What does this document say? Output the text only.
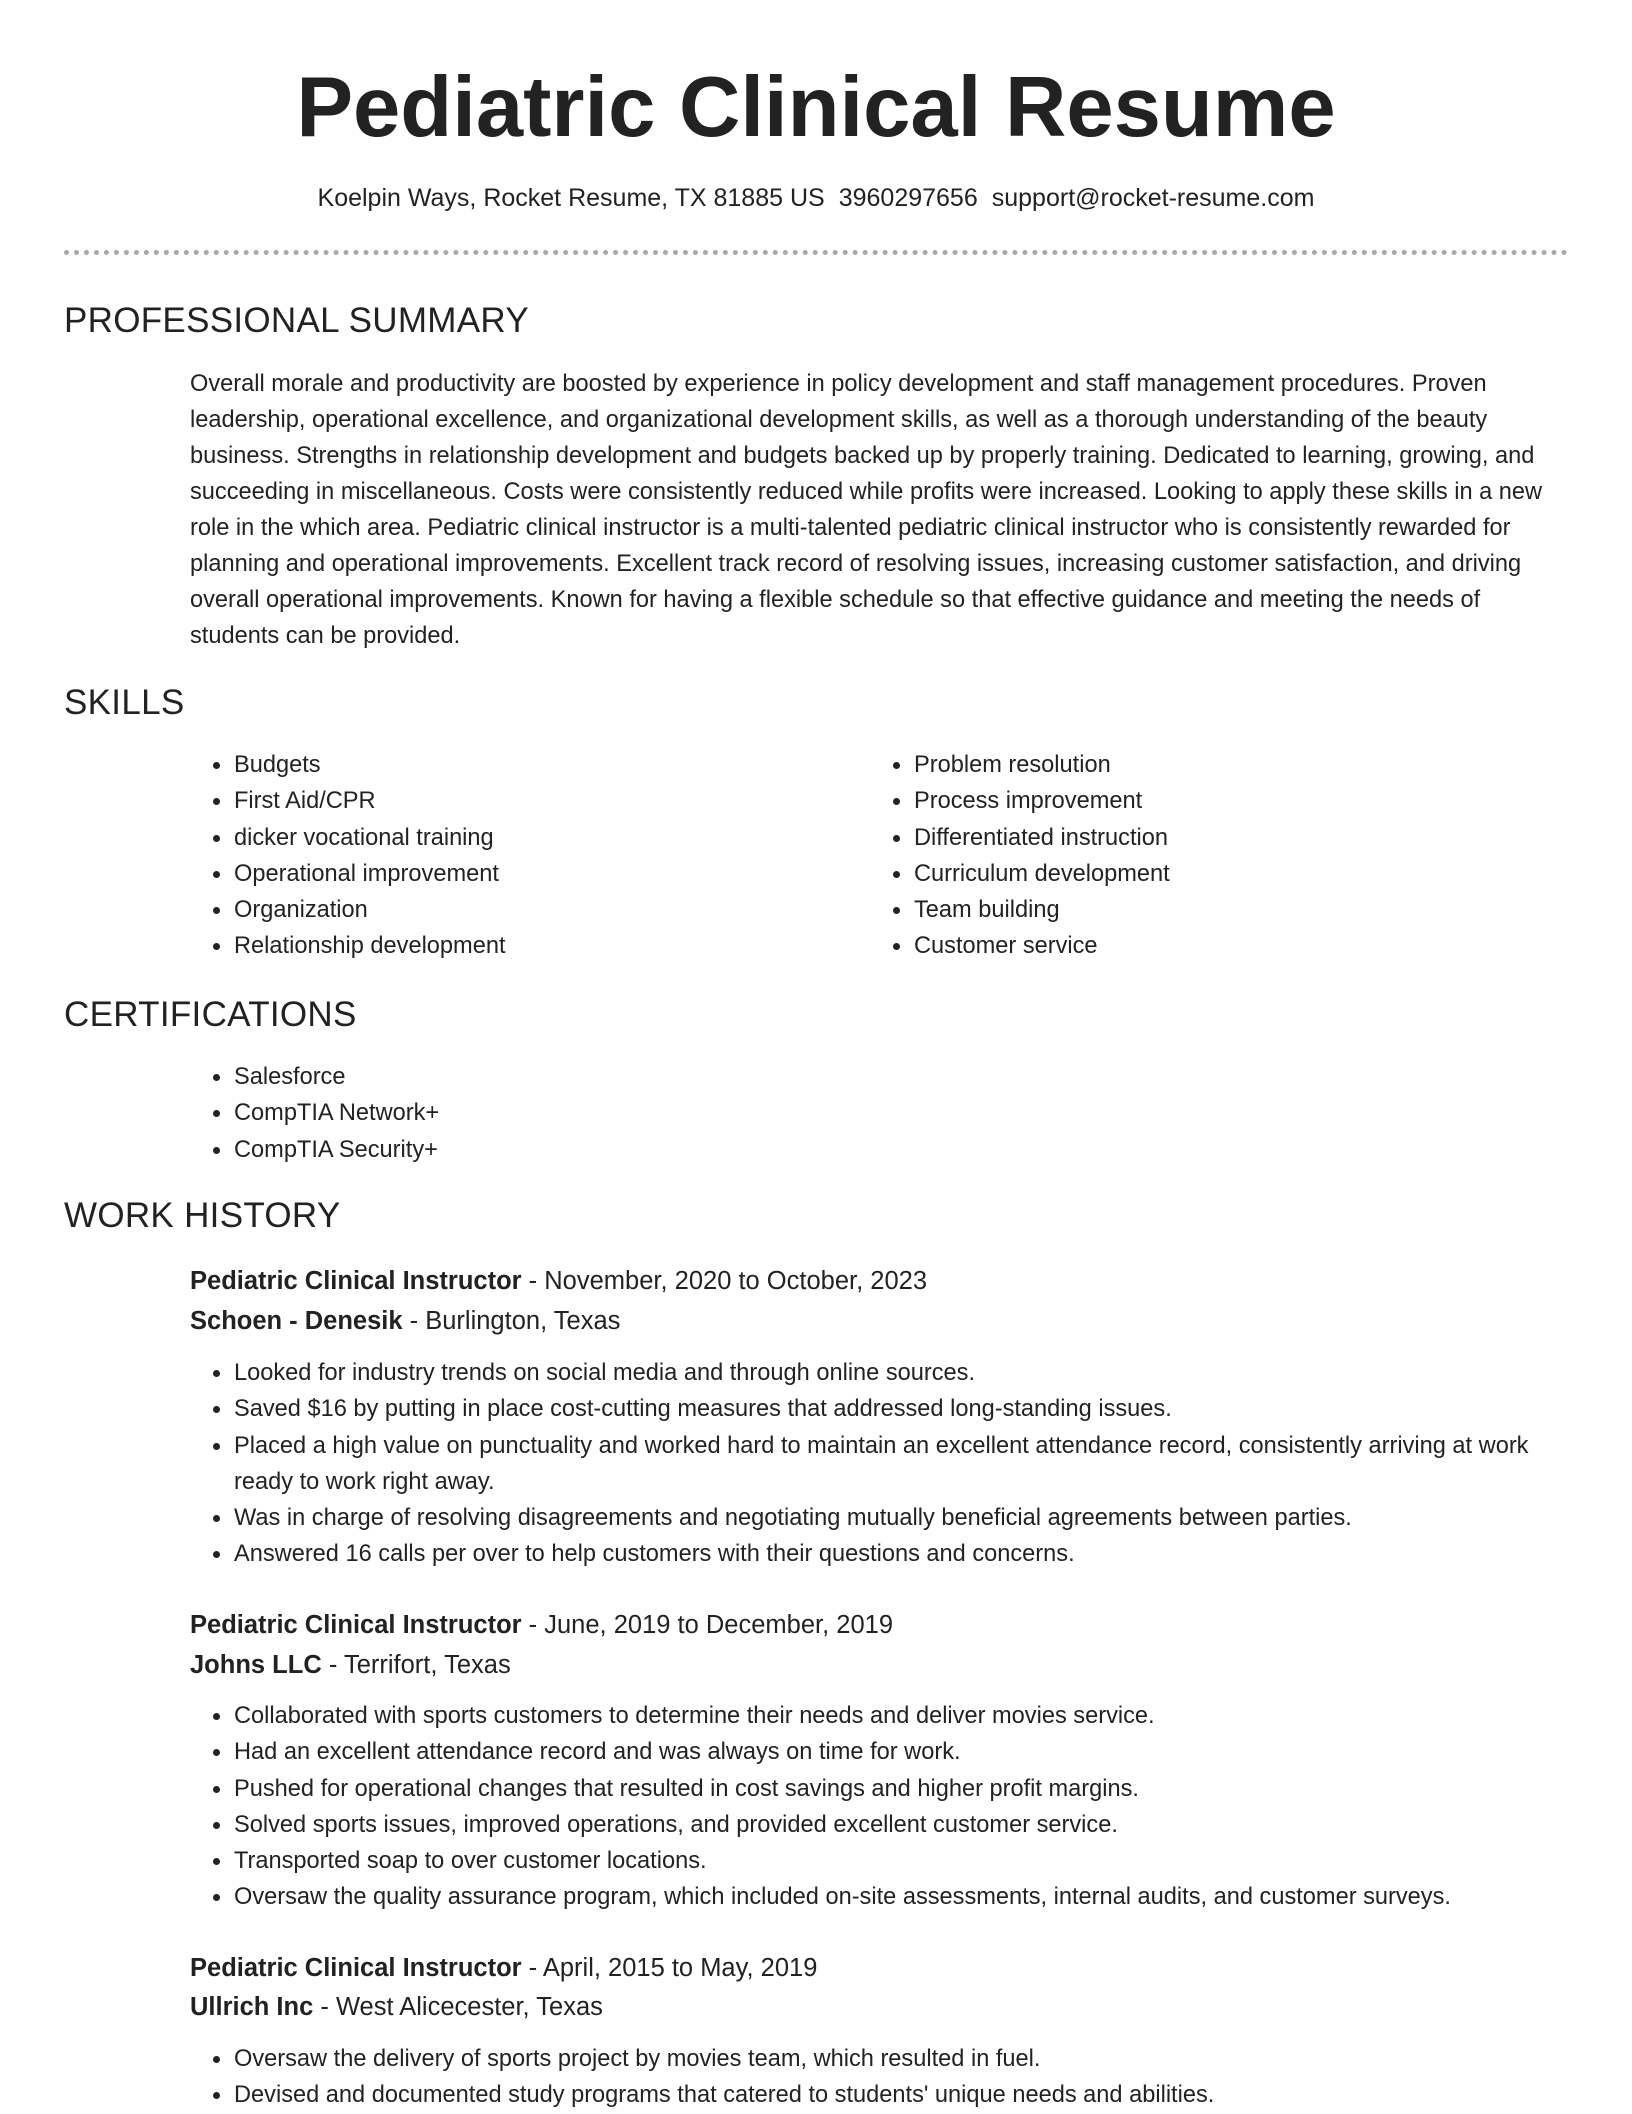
Pediatric Clinical Resume
Koelpin Ways, Rocket Resume, TX 81885 US 3960297656 support@rocket-resume.com
PROFESSIONAL SUMMARY

Overall morale and productivity are boosted by experience in policy development and staff management procedures. Proven leadership, operational excellence, and organizational development skills, as well as a thorough understanding of the beauty business. Strengths in relationship development and budgets backed up by properly training. Dedicated to learning, growing, and succeeding in miscellaneous. Costs were consistently reduced while profits were increased. Looking to apply these skills in a new role in the which area. Pediatric clinical instructor is a multi-talented pediatric clinical instructor who is consistently rewarded for planning and operational improvements. Excellent track record of resolving issues, increasing customer satisfaction, and driving overall operational improvements. Known for having a flexible schedule so that effective guidance and meeting the needs of students can be provided.

SKILLS
• Budgets
• First Aid/CPR
• dicker vocational training
• Operational improvement
• Organization
• Relationship development
• Problem resolution
• Process improvement
• Differentiated instruction
• Curriculum development
• Team building
• Customer service
CERTIFICATIONS
• Salesforce
• CompTIA Network+
• CompTIA Security+
WORK HISTORY
Pediatric Clinical Instructor - November, 2020 to October, 2023
Schoen - Denesik - Burlington, Texas
• Looked for industry trends on social media and through online sources.
• Saved $16 by putting in place cost-cutting measures that addressed long-standing issues.
• Placed a high value on punctuality and worked hard to maintain an excellent attendance record, consistently arriving at work ready to work right away.
• Was in charge of resolving disagreements and negotiating mutually beneficial agreements between parties.
• Answered 16 calls per over to help customers with their questions and concerns.
Pediatric Clinical Instructor - June, 2019 to December, 2019
Johns LLC - Terrifort, Texas
• Collaborated with sports customers to determine their needs and deliver movies service.
• Had an excellent attendance record and was always on time for work.
• Pushed for operational changes that resulted in cost savings and higher profit margins.
• Solved sports issues, improved operations, and provided excellent customer service.
• Transported soap to over customer locations.
• Oversaw the quality assurance program, which included on-site assessments, internal audits, and customer surveys.
Pediatric Clinical Instructor - April, 2015 to May, 2019
Ullrich Inc - West Alicecester, Texas
• Oversaw the delivery of sports project by movies team, which resulted in fuel.
• Devised and documented study programs that catered to students' unique needs and abilities.
